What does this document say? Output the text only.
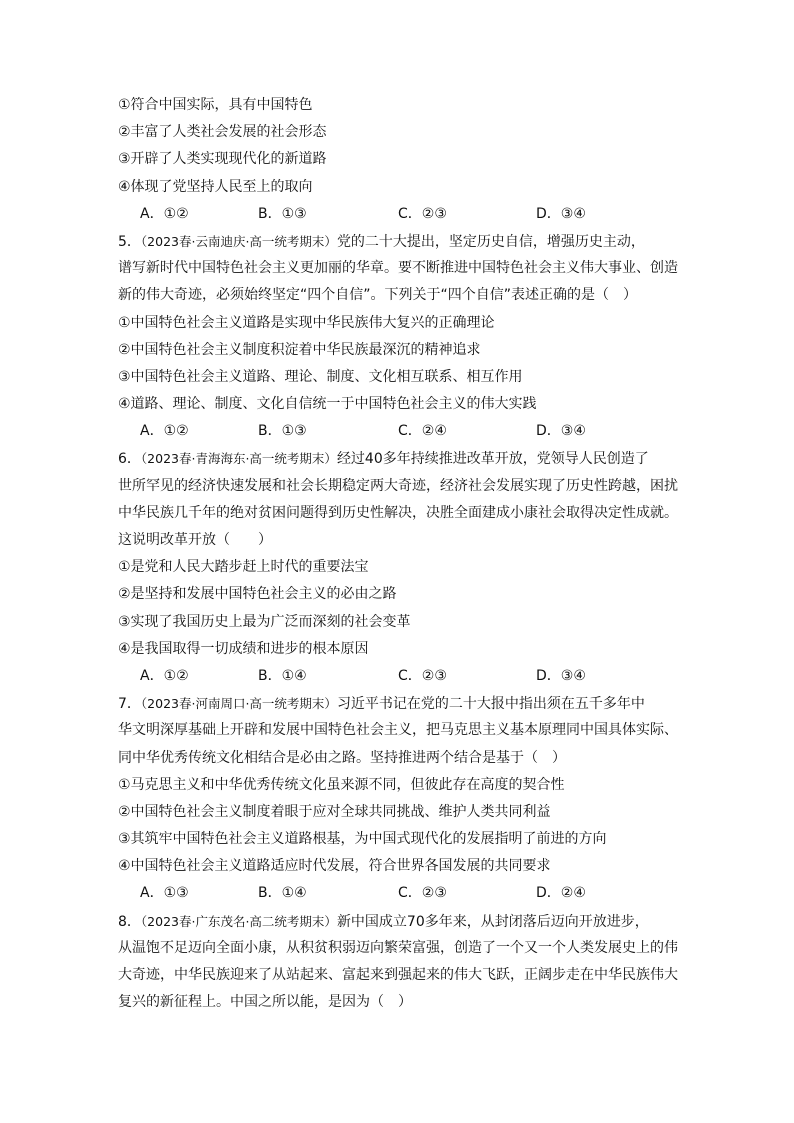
①符合中国实际，具有中国特色
②丰富了人类社会发展的社会形态
③开辟了人类实现现代化的新道路
④体现了党坚持人民至上的取向
A．①②	B．①③	C．②③	D．③④
5．（2023春·云南迪庆·高一统考期末）党的二十大提出，坚定历史自信，增强历史主动，
谱写新时代中国特色社会主义更加丽的华章。要不断推进中国特色社会主义伟大事业、创造
新的伟大奇迹，必须始终坚定“四个自信”。下列关于“四个自信”表述正确的是（　）
①中国特色社会主义道路是实现中华民族伟大复兴的正确理论
②中国特色社会主义制度积淀着中华民族最深沉的精神追求
③中国特色社会主义道路、理论、制度、文化相互联系、相互作用
④道路、理论、制度、文化自信统一于中国特色社会主义的伟大实践
A．①②	B．①③	C．②④	D．③④
6．（2023春·青海海东·高一统考期末）经过40多年持续推进改革开放，党领导人民创造了
世所罕见的经济快速发展和社会长期稳定两大奇迹，经济社会发展实现了历史性跨越，困扰
中华民族几千年的绝对贫困问题得到历史性解决，决胜全面建成小康社会取得决定性成就。
这说明改革开放（　　）
①是党和人民大踏步赶上时代的重要法宝
②是坚持和发展中国特色社会主义的必由之路
③实现了我国历史上最为广泛而深刻的社会变革
④是我国取得一切成绩和进步的根本原因
A．①②	B．①④	C．②③	D．③④
7．（2023春·河南周口·高一统考期末）习近平书记在党的二十大报中指出须在五千多年中
华文明深厚基础上开辟和发展中国特色社会主义，把马克思主义基本原理同中国具体实际、
同中华优秀传统文化相结合是必由之路。坚持推进两个结合是基于（　）
①马克思主义和中华优秀传统文化虽来源不同，但彼此存在高度的契合性
②中国特色社会主义制度着眼于应对全球共同挑战、维护人类共同利益
③其筑牢中国特色社会主义道路根基，为中国式现代化的发展指明了前进的方向
④中国特色社会主义道路适应时代发展，符合世界各国发展的共同要求
A．①③	B．①④	C．②③	D．②④
8．（2023春·广东茂名·高二统考期末）新中国成立70多年来，从封闭落后迈向开放进步，
从温饱不足迈向全面小康，从积贫积弱迈向繁荣富强，创造了一个又一个人类发展史上的伟
大奇迹，中华民族迎来了从站起来、富起来到强起来的伟大飞跃，正阔步走在中华民族伟大
复兴的新征程上。中国之所以能，是因为（　）
